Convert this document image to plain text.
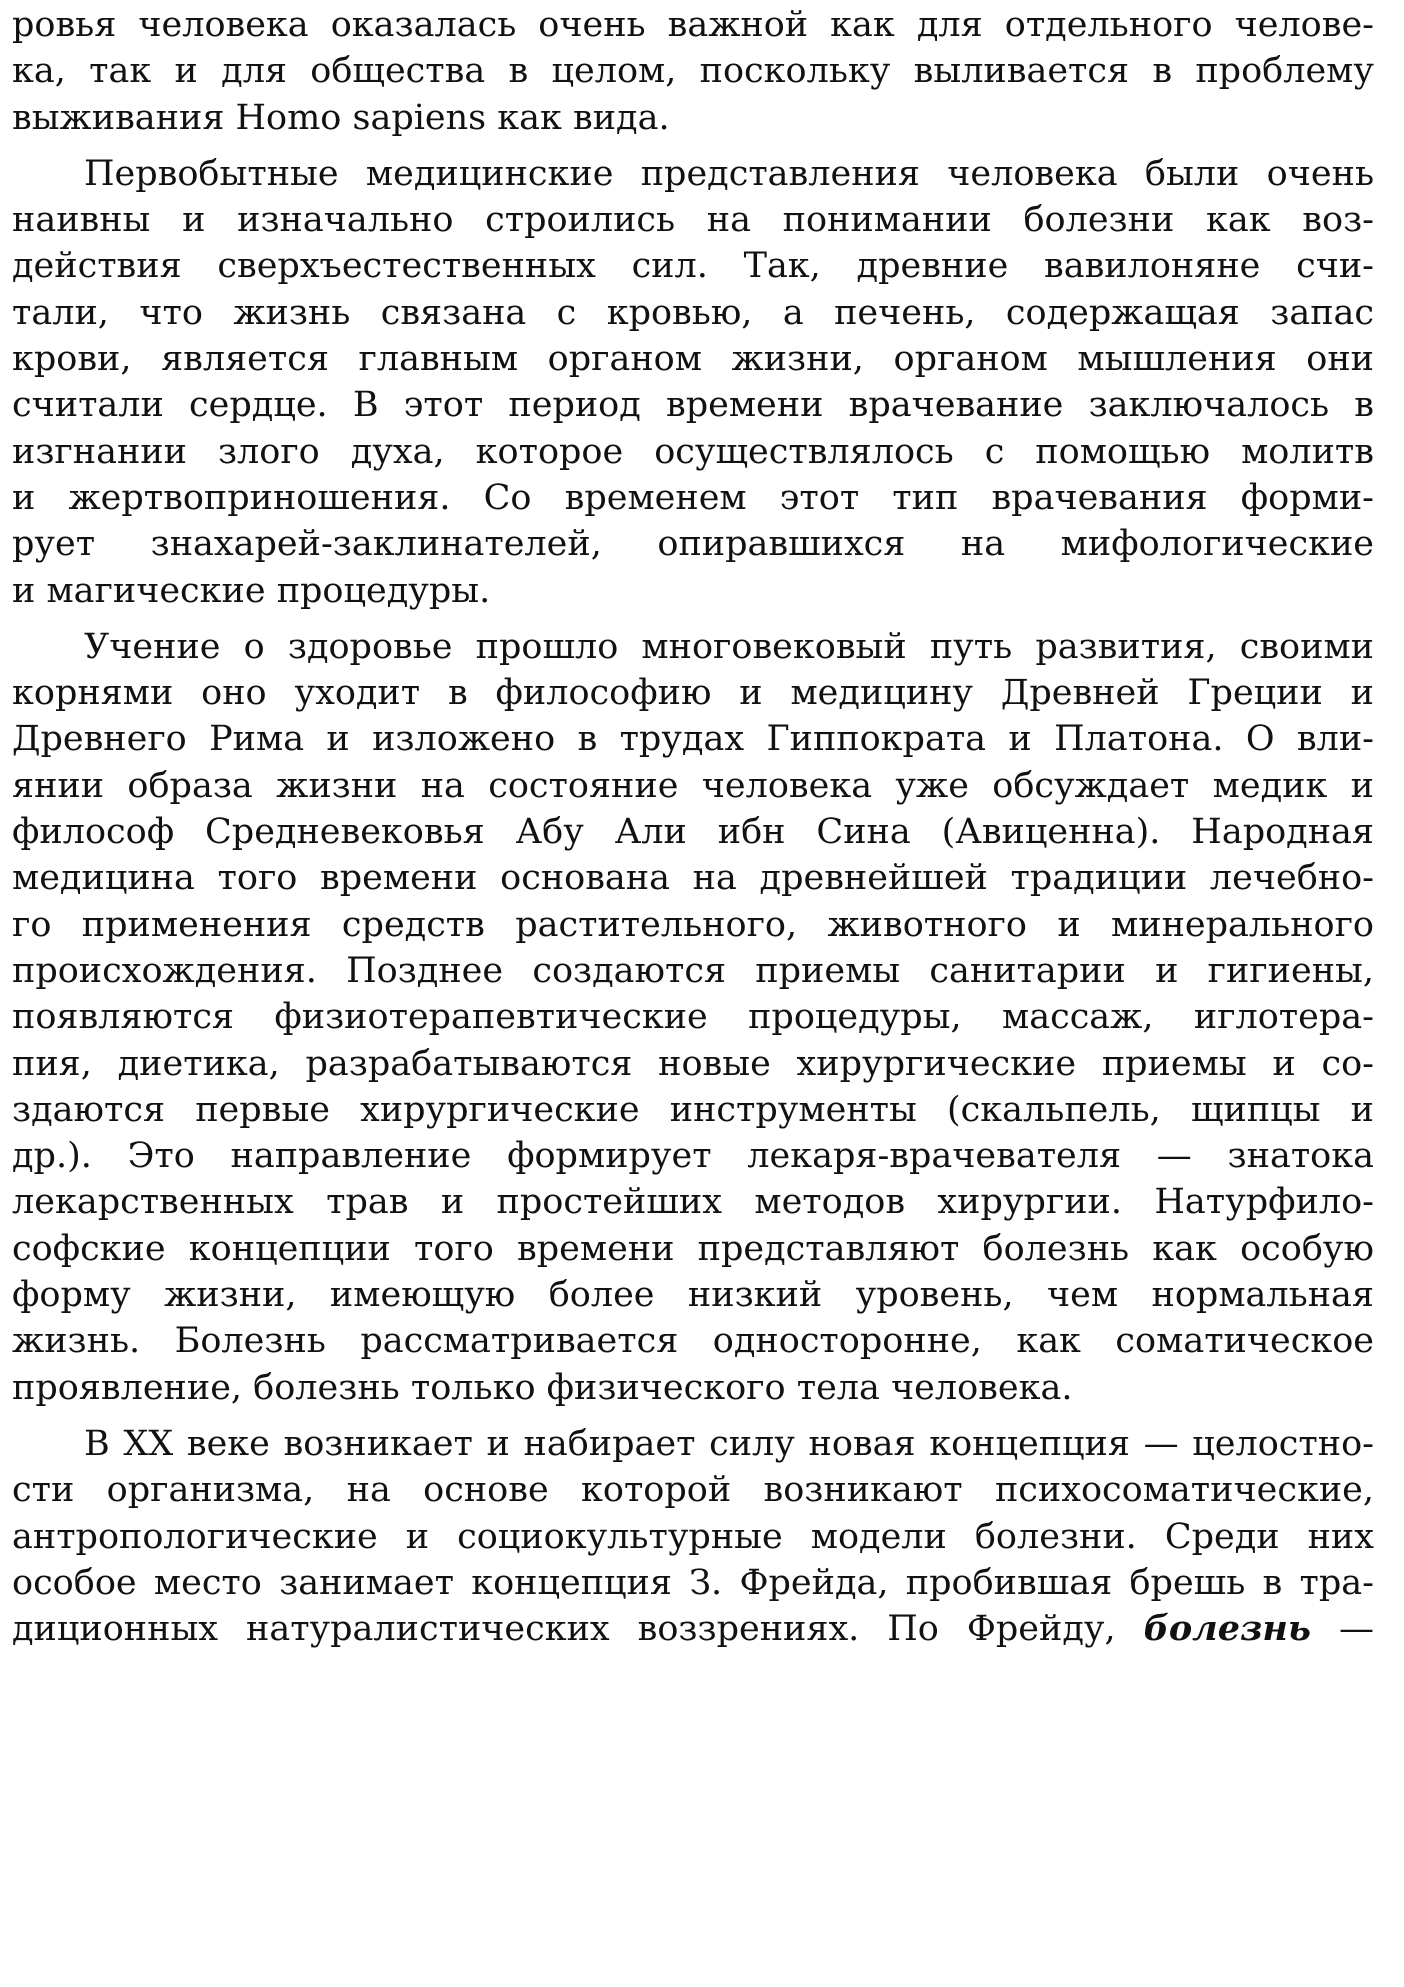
ровья человека оказалась очень важной как для отдельного челове-
ка, так и для общества в целом, поскольку выливается в проблему
выживания Homo sapiens как вида.
Первобытные медицинские представления человека были очень
наивны и изначально строились на понимании болезни как воз-
действия сверхъестественных сил. Так, древние вавилоняне счи-
тали, что жизнь связана с кровью, а печень, содержащая запас
крови, является главным органом жизни, органом мышления они
считали сердце. В этот период времени врачевание заключалось в
изгнании злого духа, которое осуществлялось с помощью молитв
и жертвоприношения. Со временем этот тип врачевания форми-
рует знахарей-заклинателей, опиравшихся на мифологические
и магические процедуры.
Учение о здоровье прошло многовековый путь развития, своими
корнями оно уходит в философию и медицину Древней Греции и
Древнего Рима и изложено в трудах Гиппократа и Платона. О вли-
янии образа жизни на состояние человека уже обсуждает медик и
философ Средневековья Абу Али ибн Сина (Авиценна). Народная
медицина того времени основана на древнейшей традиции лечебно-
го применения средств растительного, животного и минерального
происхождения. Позднее создаются приемы санитарии и гигиены,
появляются физиотерапевтические процедуры, массаж, иглотера-
пия, диетика, разрабатываются новые хирургические приемы и со-
здаются первые хирургические инструменты (скальпель, щипцы и
др.). Это направление формирует лекаря-врачевателя — знатока
лекарственных трав и простейших методов хирургии. Натурфило-
софские концепции того времени представляют болезнь как особую
форму жизни, имеющую более низкий уровень, чем нормальная
жизнь. Болезнь рассматривается односторонне, как соматическое
проявление, болезнь только физического тела человека.
В XX веке возникает и набирает силу новая концепция — целостно-
сти организма, на основе которой возникают психосоматические,
антропологические и социокультурные модели болезни. Среди них
особое место занимает концепция З. Фрейда, пробившая брешь в тра-
диционных натуралистических воззрениях. По Фрейду, болезнь —
